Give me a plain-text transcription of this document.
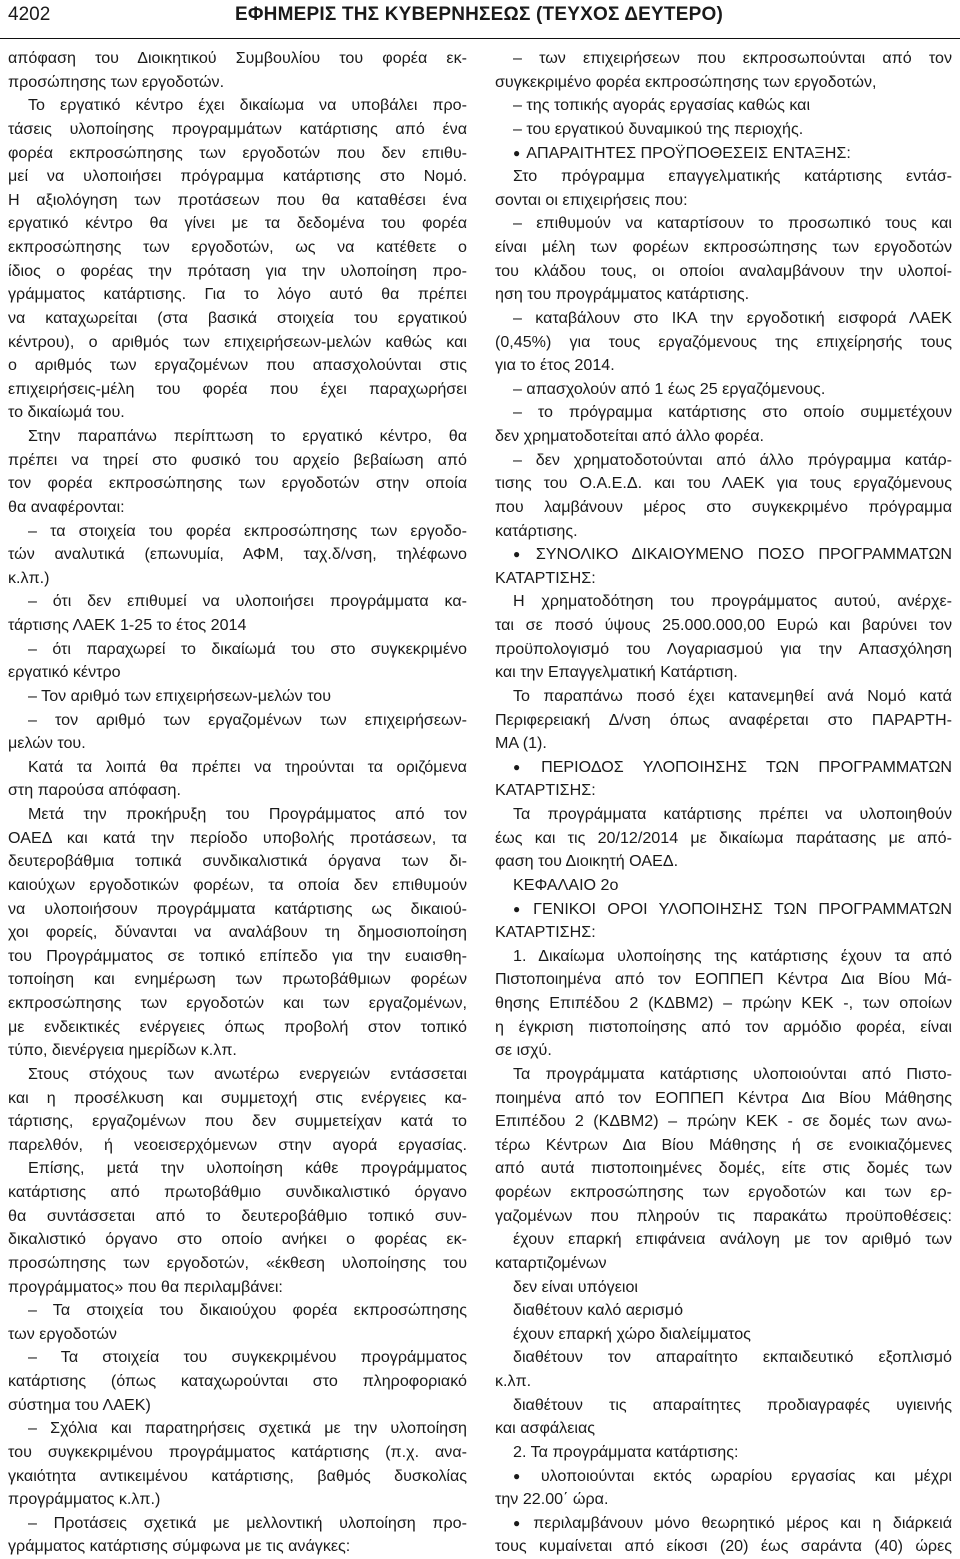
4202	ΕΦΗΜΕΡΙΣ ΤΗΣ ΚΥΒΕΡΝΗΣΕΩΣ (ΤΕΥΧΟΣ ΔΕΥΤΕΡΟ)
απόφαση του Διοικητικού Συμβουλίου του φορέα εκ-
προσώπησης των εργοδοτών.
Το εργατικό κέντρο έχει δικαίωμα να υποβάλει προ-
τάσεις υλοποίησης προγραμμάτων κατάρτισης από ένα
φορέα εκπροσώπησης των εργοδοτών που δεν επιθυ-
μεί να υλοποιήσει πρόγραμμα κατάρτισης στο Νομό.
Η αξιολόγηση των προτάσεων που θα καταθέσει ένα
εργατικό κέντρο θα γίνει με τα δεδομένα του φορέα
εκπροσώπησης των εργοδοτών, ως να κατέθετε ο
ίδιος ο φορέας την πρόταση για την υλοποίηση προ-
γράμματος κατάρτισης. Για το λόγο αυτό θα πρέπει
να καταχωρείται (στα βασικά στοιχεία του εργατικού
κέντρου), ο αριθμός των επιχειρήσεων-μελών καθώς και
ο αριθμός των εργαζομένων που απασχολούνται στις
επιχειρήσεις-μέλη του φορέα που έχει παραχωρήσει
το δικαίωμά του.
Στην παραπάνω περίπτωση το εργατικό κέντρο, θα
πρέπει να τηρεί στο φυσικό του αρχείο βεβαίωση από
τον φορέα εκπροσώπησης των εργοδοτών στην οποία
θα αναφέρονται:
– τα στοιχεία του φορέα εκπροσώπησης των εργοδο-
τών αναλυτικά (επωνυμία, ΑΦΜ, ταχ.δ/νση, τηλέφωνο
κ.λπ.)
– ότι δεν επιθυμεί να υλοποιήσει προγράμματα κα-
τάρτισης ΛΑΕΚ 1-25 το έτος 2014
– ότι παραχωρεί το δικαίωμά του στο συγκεκριμένο
εργατικό κέντρο
– Τον αριθμό των επιχειρήσεων-μελών του
– τον αριθμό των εργαζομένων των επιχειρήσεων-
μελών του.
Κατά τα λοιπά θα πρέπει να τηρούνται τα οριζόμενα
στη παρούσα απόφαση.
Μετά την προκήρυξη του Προγράμματος από τον
ΟΑΕΔ και κατά την περίοδο υποβολής προτάσεων, τα
δευτεροβάθμια τοπικά συνδικαλιστικά όργανα των δι-
καιούχων εργοδοτικών φορέων, τα οποία δεν επιθυμούν
να υλοποιήσουν προγράμματα κατάρτισης ως δικαιού-
χοι φορείς, δύνανται να αναλάβουν τη δημοσιοποίηση
του Προγράμματος σε τοπικό επίπεδο για την ευαισθη-
τοποίηση και ενημέρωση των πρωτοβάθμιων φορέων
εκπροσώπησης των εργοδοτών και των εργαζομένων,
με ενδεικτικές ενέργειες όπως προβολή στον τοπικό
τύπο, διενέργεια ημερίδων κ.λπ.
Στους στόχους των ανωτέρω ενεργειών εντάσσεται
και η προσέλκυση και συμμετοχή στις ενέργειες κα-
τάρτισης, εργαζομένων που δεν συμμετείχαν κατά το
παρελθόν, ή νεοεισερχόμενων στην αγορά εργασίας.
Επίσης, μετά την υλοποίηση κάθε προγράμματος
κατάρτισης από πρωτοβάθμιο συνδικαλιστικό όργανο
θα συντάσσεται από το δευτεροβάθμιο τοπικό συν-
δικαλιστικό όργανο στο οποίο ανήκει ο φορέας εκ-
προσώπησης των εργοδοτών, «έκθεση υλοποίησης του
προγράμματος» που θα περιλαμβάνει:
– Τα στοιχεία του δικαιούχου φορέα εκπροσώπησης
των εργοδοτών
– Τα στοιχεία του συγκεκριμένου προγράμματος
κατάρτισης (όπως καταχωρούνται στο πληροφοριακό
σύστημα του ΛΑΕΚ)
– Σχόλια και παρατηρήσεις σχετικά με την υλοποίηση
του συγκεκριμένου προγράμματος κατάρτισης (π.χ. ανα-
γκαιότητα αντικειμένου κατάρτισης, βαθμός δυσκολίας
προγράμματος κ.λπ.)
– Προτάσεις σχετικά με μελλοντική υλοποίηση προ-
γράμματος κατάρτισης σύμφωνα με τις ανάγκες:
– των επιχειρήσεων που εκπροσωπούνται από τον
συγκεκριμένο φορέα εκπροσώπησης των εργοδοτών,
– της τοπικής αγοράς εργασίας καθώς και
– του εργατικού δυναμικού της περιοχής.
● ΑΠΑΡΑΙΤΗΤΕΣ ΠΡΟΫΠΟΘΕΣΕΙΣ ΕΝΤΑΞΗΣ:
Στο πρόγραμμα επαγγελματικής κατάρτισης εντάσ-
σονται οι επιχειρήσεις που:
– επιθυμούν να καταρτίσουν το προσωπικό τους και
είναι μέλη των φορέων εκπροσώπησης των εργοδοτών
του κλάδου τους, οι οποίοι αναλαμβάνουν την υλοποί-
ηση του προγράμματος κατάρτισης.
– καταβάλουν στο ΙΚΑ την εργοδοτική εισφορά ΛΑΕΚ
(0,45%) για τους εργαζόμενους της επιχείρησής τους
για το έτος 2014.
– απασχολούν από 1 έως 25 εργαζόμενους.
– το πρόγραμμα κατάρτισης στο οποίο συμμετέχουν
δεν χρηματοδοτείται από άλλο φορέα.
– δεν χρηματοδοτούνται από άλλο πρόγραμμα κατάρ-
τισης του Ο.Α.Ε.Δ. και του ΛΑΕΚ για τους εργαζόμενους
που λαμβάνουν μέρος στο συγκεκριμένο πρόγραμμα
κατάρτισης.
● ΣΥΝΟΛΙΚΟ ΔΙΚΑΙΟΥΜΕΝΟ ΠΟΣΟ ΠΡΟΓΡΑΜΜΑΤΩΝ
ΚΑΤΑΡΤΙΣΗΣ:
Η χρηματοδότηση του προγράμματος αυτού, ανέρχε-
ται σε ποσό ύψους 25.000.000,00 Ευρώ και βαρύνει τον
προϋπολογισμό του Λογαριασμού για την Απασχόληση
και την Επαγγελματική Κατάρτιση.
Το παραπάνω ποσό έχει κατανεμηθεί ανά Νομό κατά
Περιφερειακή Δ/νση όπως αναφέρεται στο ΠΑΡΑΡΤΗ-
ΜΑ (1).
● ΠΕΡΙΟΔΟΣ ΥΛΟΠΟΙΗΣΗΣ ΤΩΝ ΠΡΟΓΡΑΜΜΑΤΩΝ
ΚΑΤΑΡΤΙΣΗΣ:
Τα προγράμματα κατάρτισης πρέπει να υλοποιηθούν
έως και τις 20/12/2014 με δικαίωμα παράτασης με από-
φαση του Διοικητή ΟΑΕΔ.
ΚΕΦΑΛΑΙΟ 2ο
● ΓΕΝΙΚΟΙ ΟΡΟΙ ΥΛΟΠΟΙΗΣΗΣ ΤΩΝ ΠΡΟΓΡΑΜΜΑΤΩΝ
ΚΑΤΑΡΤΙΣΗΣ:
1. Δικαίωμα υλοποίησης της κατάρτισης έχουν τα από
Πιστοποιημένα από τον ΕΟΠΠΕΠ Κέντρα Δια Βίου Μά-
θησης Επιπέδου 2 (ΚΔΒΜ2) – πρώην ΚΕΚ -, των οποίων
η έγκριση πιστοποίησης από τον αρμόδιο φορέα, είναι
σε ισχύ.
Τα προγράμματα κατάρτισης υλοποιούνται από Πιστο-
ποιημένα από τον ΕΟΠΠΕΠ Κέντρα Δια Βίου Μάθησης
Επιπέδου 2 (ΚΔΒΜ2) – πρώην ΚΕΚ - σε δομές των ανω-
τέρω Κέντρων Δια Βίου Μάθησης ή σε ενοικιαζόμενες
από αυτά πιστοποιημένες δομές, είτε στις δομές των
φορέων εκπροσώπησης των εργοδοτών και των ερ-
γαζομένων που πληρούν τις παρακάτω προϋποθέσεις:
έχουν επαρκή επιφάνεια ανάλογη με τον αριθμό των
καταρτιζομένων
δεν είναι υπόγειοι
διαθέτουν καλό αερισμό
έχουν επαρκή χώρο διαλείμματος
διαθέτουν τον απαραίτητο εκπαιδευτικό εξοπλισμό
κ.λπ.
διαθέτουν τις απαραίτητες προδιαγραφές υγιεινής
και ασφάλειας
2. Τα προγράμματα κατάρτισης:
● υλοποιούνται εκτός ωραρίου εργασίας και μέχρι
την 22.00΄ ώρα.
● περιλαμβάνουν μόνο θεωρητικό μέρος και η διάρκειά
τους κυμαίνεται από είκοσι (20) έως σαράντα (40) ώρες
